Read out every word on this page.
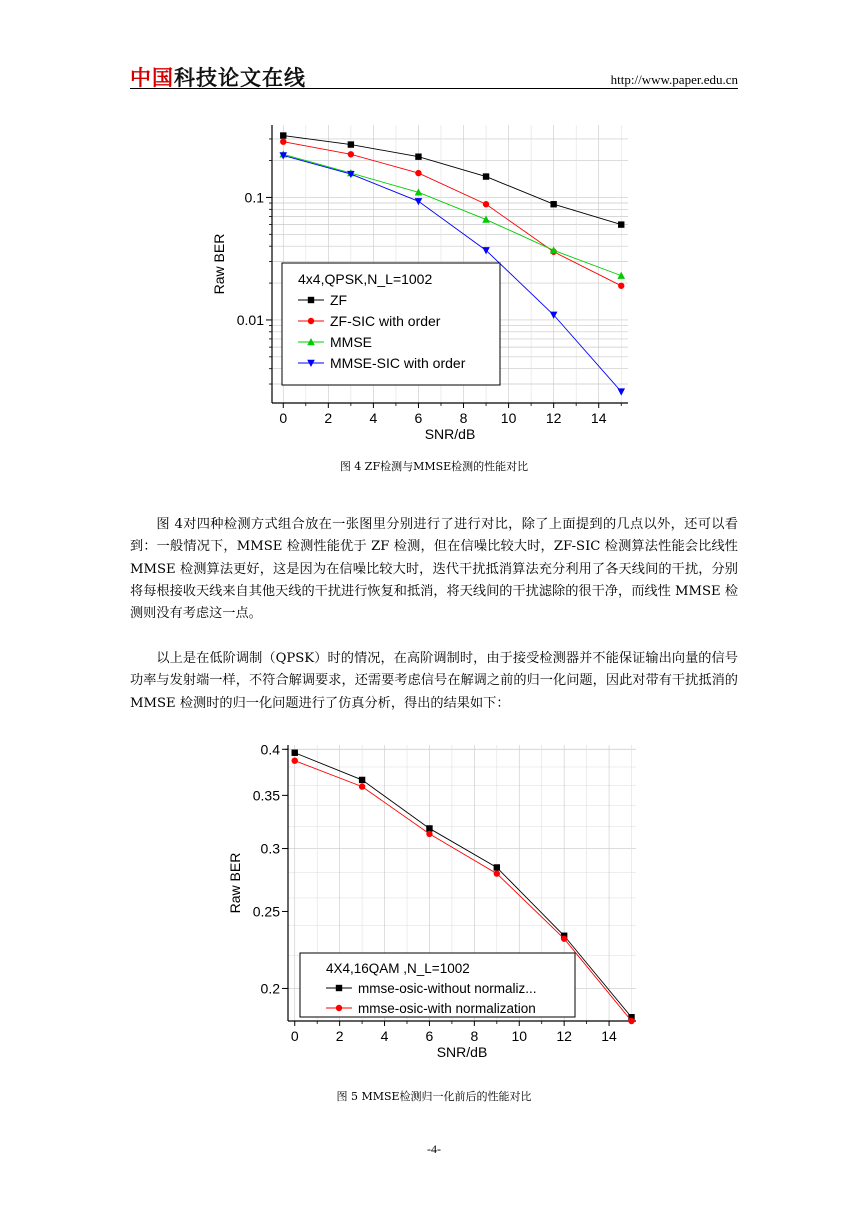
中国科技论文在线	http://www.paper.edu.cn
0	2	4	6	8 10 12 14
0.01
0.1
SNR/dB
Raw BER	4x4,QPSK,N_L=1002
ZF
ZF-SIC with order
MMSE
MMSE-SIC with order
图 4 ZF检测与MMSE检测的性能对比

图 4对四种检测方式组合放在一张图里分别进行了进行对比，除了上面提到的几点以外，还可以看到：一般情况下，MMSE 检测性能优于 ZF 检测，但在信噪比较大时，ZF-SIC 检测算法性能会比线性 MMSE 检测算法更好，这是因为在信噪比较大时，迭代干扰抵消算法充分利用了各天线间的干扰，分别将每根接收天线来自其他天线的干扰进行恢复和抵消，将天线间的干扰滤除的很干净，而线性 MMSE 检测则没有考虑这一点。

以上是在低阶调制（QPSK）时的情况，在高阶调制时，由于接受检测器并不能保证输出向量的信号功率与发射端一样，不符合解调要求，还需要考虑信号在解调之前的归一化问题，因此对带有干扰抵消的 MMSE 检测时的归一化问题进行了仿真分析，得出的结果如下：

0	2	4	6	8 10 12 14
0.2
0.25
0.3
0.35
0.4
SNR/dB
Raw BER
4X4,16QAM ,N_L=1002
mmse-osic-without normaliz...
mmse-osic-with normalization
图 5 MMSE检测归一化前后的性能对比
-4-
